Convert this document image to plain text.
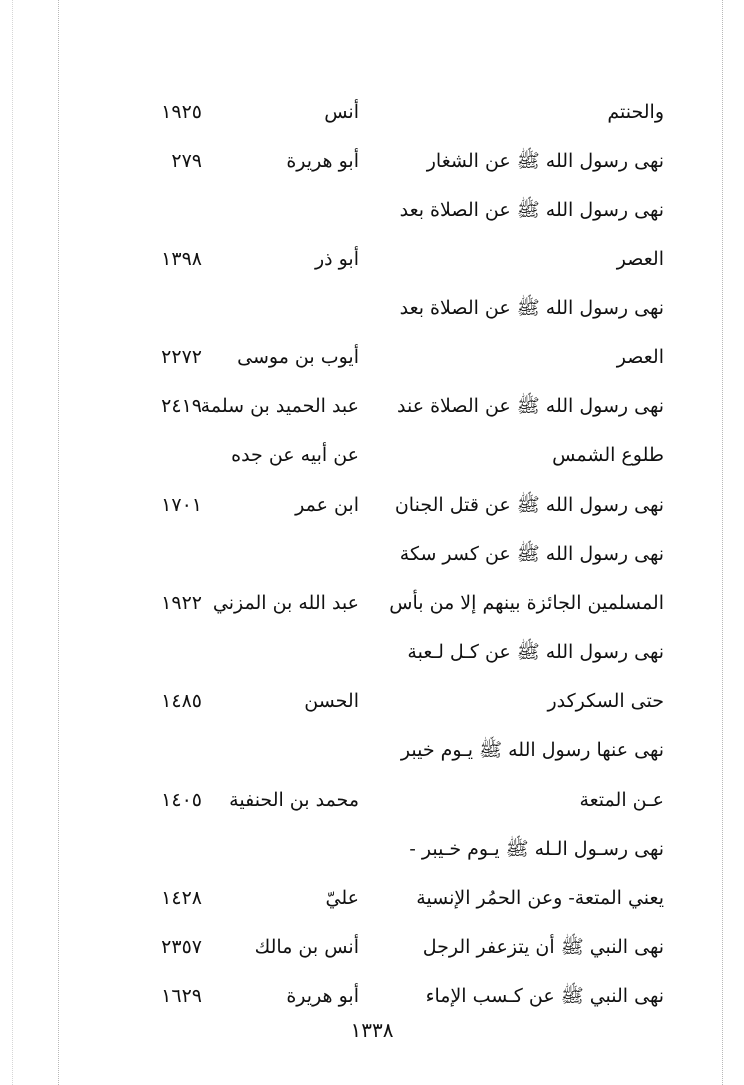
والحنتم
أنس
١٩٢٥
نهى رسول الله ﷺ عن الشغار
أبو هريرة
٢٧٩
نهى رسول الله ﷺ عن الصلاة بعد
العصر
أبو ذر
١٣٩٨
نهى رسول الله ﷺ عن الصلاة بعد
العصر
أيوب بن موسى
٢٢٧٢
نهى رسول الله ﷺ عن الصلاة عند
عبد الحميد بن سلمة
٢٤١٩
طلوع الشمس
عن أبيه عن جده
نهى رسول الله ﷺ عن قتل الجنان
ابن عمر
١٧٠١
نهى رسول الله ﷺ عن كسر سكة
المسلمين الجائزة بينهم إلا من بأس
عبد الله بن المزني
١٩٢٢
نهى رسول الله ﷺ عن كـل لـعبة
حتى السكركدر
الحسن
١٤٨٥
نهى عنها رسول الله ﷺ يـوم خيبر
عـن المتعة
محمد بن الحنفية
١٤٠٥
نهى رسـول الـله ﷺ يـوم خـيبر -
يعني المتعة- وعن الحمُر الإنسية
عليّ
١٤٢٨
نهى النبي ﷺ أن يتزعفر الرجل
أنس بن مالك
٢٣٥٧
نهى النبي ﷺ عن كـسب الإماء
أبو هريرة
١٦٢٩
١٣٣٨
